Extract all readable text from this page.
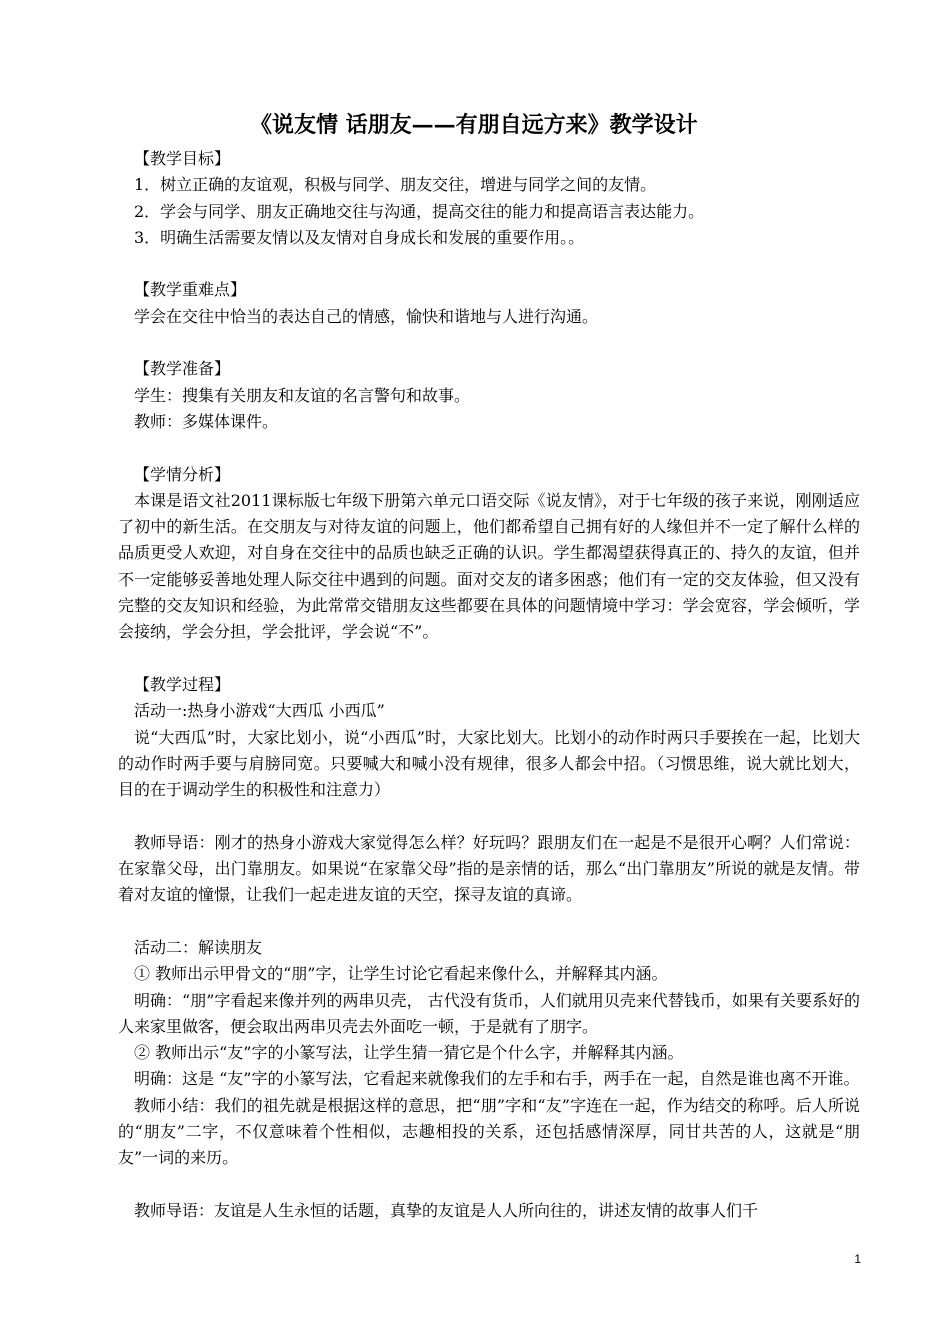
《说友情 话朋友——有朋自远方来》教学设计

【教学目标】

1．树立正确的友谊观，积极与同学、朋友交往，增进与同学之间的友情。

2．学会与同学、朋友正确地交往与沟通，提高交往的能力和提高语言表达能力。

3．明确生活需要友情以及友情对自身成长和发展的重要作用。。

【教学重难点】

学会在交往中恰当的表达自己的情感，愉快和谐地与人进行沟通。

【教学准备】

学生：搜集有关朋友和友谊的名言警句和故事。

教师：多媒体课件。

【学情分析】

本课是语文社2011课标版七年级下册第六单元口语交际《说友情》，对于七年级的孩子来说，刚刚适应了初中的新生活。在交朋友与对待友谊的问题上，他们都希望自己拥有好的人缘但并不一定了解什么样的品质更受人欢迎，对自身在交往中的品质也缺乏正确的认识。学生都渴望获得真正的、持久的友谊，但并不一定能够妥善地处理人际交往中遇到的问题。面对交友的诸多困惑；他们有一定的交友体验，但又没有完整的交友知识和经验，为此常常交错朋友这些都要在具体的问题情境中学习：学会宽容，学会倾听，学会接纳，学会分担，学会批评，学会说“不”。

【教学过程】

活动一:热身小游戏“大西瓜 小西瓜”

说“大西瓜”时，大家比划小，说“小西瓜”时，大家比划大。比划小的动作时两只手要挨在一起，比划大的动作时两手要与肩膀同宽。只要喊大和喊小没有规律，很多人都会中招。（习惯思维，说大就比划大，目的在于调动学生的积极性和注意力）

教师导语：刚才的热身小游戏大家觉得怎么样？好玩吗？跟朋友们在一起是不是很开心啊？人们常说：在家靠父母，出门靠朋友。如果说“在家靠父母”指的是亲情的话，那么“出门靠朋友”所说的就是友情。带着对友谊的憧憬，让我们一起走进友谊的天空，探寻友谊的真谛。

活动二：解读朋友

① 教师出示甲骨文的“朋”字，让学生讨论它看起来像什么，并解释其内涵。

明确：“朋”字看起来像并列的两串贝壳， 古代没有货币，人们就用贝壳来代替钱币，如果有关要系好的人来家里做客，便会取出两串贝壳去外面吃一顿，于是就有了朋字。

② 教师出示“友”字的小篆写法，让学生猜一猜它是个什么字，并解释其内涵。

明确：这是 “友”字的小篆写法，它看起来就像我们的左手和右手，两手在一起，自然是谁也离不开谁。

教师小结：我们的祖先就是根据这样的意思，把“朋”字和“友”字连在一起，作为结交的称呼。后人所说的“朋友”二字，不仅意味着个性相似，志趣相投的关系，还包括感情深厚，同甘共苦的人，这就是“朋友”一词的来历。

教师导语：友谊是人生永恒的话题，真挚的友谊是人人所向往的，讲述友情的故事人们千

1
